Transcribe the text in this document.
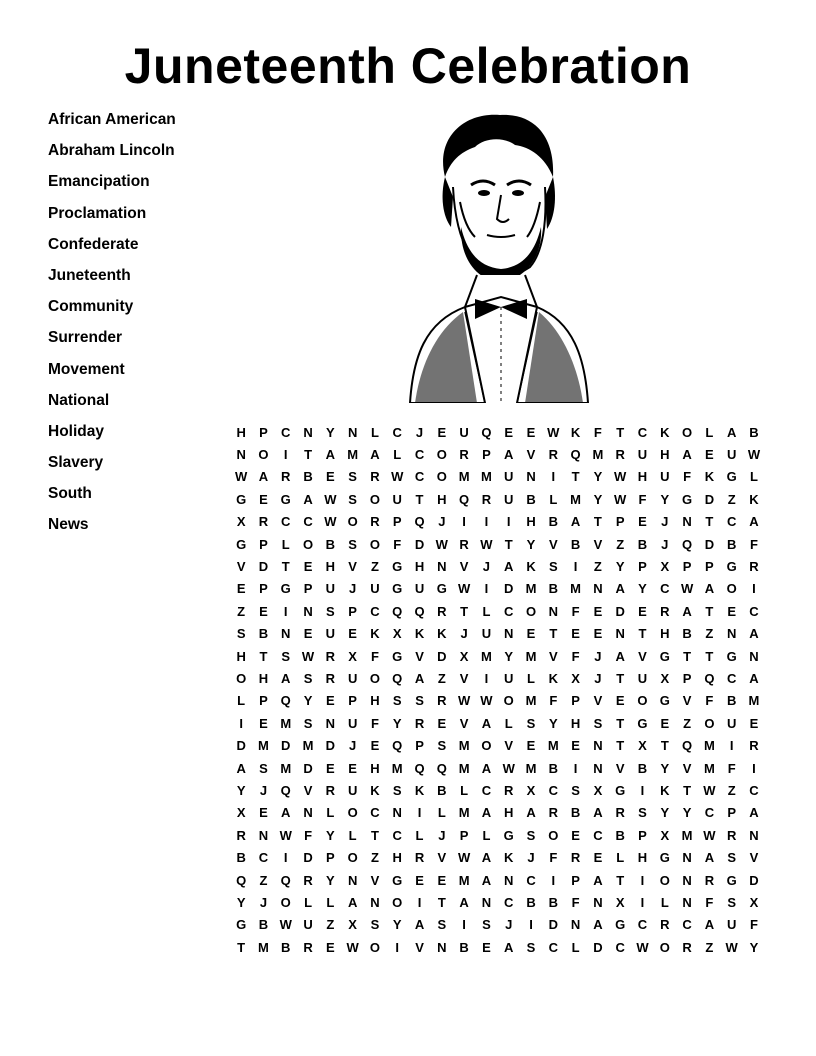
Juneteenth Celebration
African American
Abraham Lincoln
Emancipation
Proclamation
Confederate
Juneteenth
Community
Surrender
Movement
National
Holiday
Slavery
South
News
H	P	C	N	Y	N	L	C	J	E	U	Q	E	E	W	K	F	T	C	K	O	L	A	B
N	O	I	T	A	M	A	L	C	O	R	P	A	V	R	Q	M	R	U	H	A	E	U	W
W	A	R	B	E	S	R	W	C	O	M	M	U	N	I	T	Y	W	H	U	F	K	G	L
G	E	G	A	W	S	O	U	T	H	Q	R	U	B	L	M	Y	W	F	Y	G	D	Z	K
X	R	C	C	W	O	R	P	Q	J	I	I	I	H	B	A	T	P	E	J	N	T	C	A
G	P	L	O	B	S	O	F	D	W	R	W	T	Y	V	B	V	Z	B	J	Q	D	B	F
V	D	T	E	H	V	Z	G	H	N	V	J	A	K	S	I	Z	Y	P	X	P	P	G	R
E	P	G	P	U	J	U	G	U	G	W	I	D	M	B	M	N	A	Y	C	W	A	O	I
Z	E	I	N	S	P	C	Q	Q	R	T	L	C	O	N	F	E	D	E	R	A	T	E	C
S	B	N	E	U	E	K	X	K	K	J	U	N	E	T	E	E	N	T	H	B	Z	N	A
H	T	S	W	R	X	F	G	V	D	X	M	Y	M	V	F	J	A	V	G	T	T	G	N
O	H	A	S	R	U	O	Q	A	Z	V	I	U	L	K	X	J	T	U	X	P	Q	C	A
L	P	Q	Y	E	P	H	S	S	R	W	W	O	M	F	P	V	E	O	G	V	F	B	M
I	E	M	S	N	U	F	Y	R	E	V	A	L	S	Y	H	S	T	G	E	Z	O	U	E
D	M	D	M	D	J	E	Q	P	S	M	O	V	E	M	E	N	T	X	T	Q	M	I	R
A	S	M	D	E	E	H	M	Q	Q	M	A	W	M	B	I	N	V	B	Y	V	M	F	I
Y	J	Q	V	R	U	K	S	K	B	L	C	R	X	C	S	X	G	I	K	T	W	Z	C
X	E	A	N	L	O	C	N	I	L	M	A	H	A	R	B	A	R	S	Y	Y	C	P	A
R	N	W	F	Y	L	T	C	L	J	P	L	G	S	O	E	C	B	P	X	M	W	R	N
B	C	I	D	P	O	Z	H	R	V	W	A	K	J	F	R	E	L	H	G	N	A	S	V
Q	Z	Q	R	Y	N	V	G	E	E	M	A	N	C	I	P	A	T	I	O	N	R	G	D
Y	J	O	L	L	A	N	O	I	T	A	N	C	B	B	F	N	X	I	L	N	F	S	X
G	B	W	U	Z	X	S	Y	A	S	I	S	J	I	D	N	A	G	C	R	C	A	U	F
T	M	B	R	E	W	O	I	V	N	B	E	A	S	C	L	D	C	W	O	R	Z	W	Y
